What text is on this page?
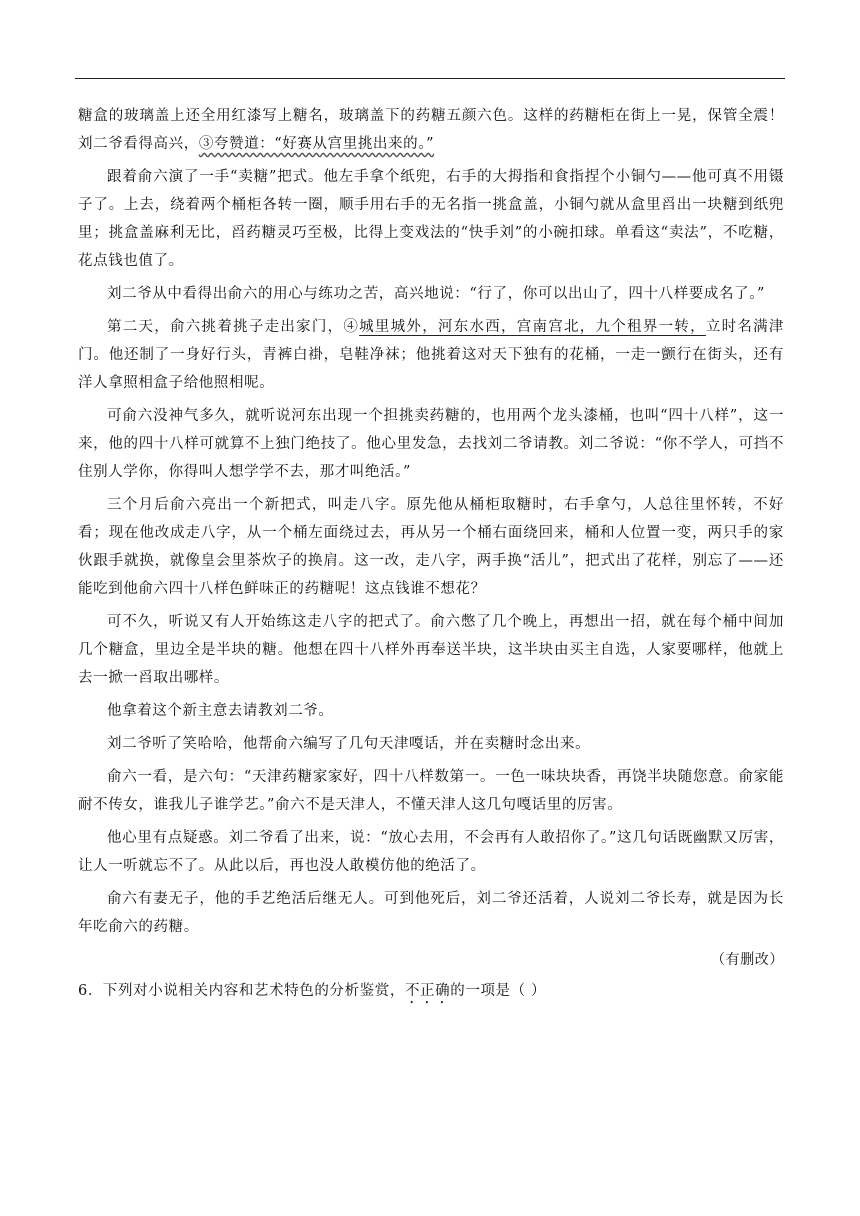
糖盒的玻璃盖上还全用红漆写上糖名，玻璃盖下的药糖五颜六色。这样的药糖柜在街上一晃，保管全震！刘二爷看得高兴，③夸赞道：“好赛从宫里挑出来的。”

跟着俞六演了一手“卖糖”把式。他左手拿个纸兜，右手的大拇指和食指捏个小铜勺——他可真不用镊子了。上去，绕着两个桶柜各转一圈，顺手用右手的无名指一挑盒盖，小铜勺就从盒里舀出一块糖到纸兜里；挑盒盖麻利无比，舀药糖灵巧至极，比得上变戏法的“快手刘”的小碗扣球。单看这“卖法”，不吃糖，花点钱也值了。

刘二爷从中看得出俞六的用心与练功之苦，高兴地说：“行了，你可以出山了，四十八样要成名了。”

第二天，俞六挑着挑子走出家门，④城里城外，河东水西，宫南宫北，九个租界一转，立时名满津门。他还制了一身好行头，青裤白褂，皂鞋净袜；他挑着这对天下独有的花桶，一走一颤行在街头，还有洋人拿照相盒子给他照相呢。

可俞六没神气多久，就听说河东出现一个担挑卖药糖的，也用两个龙头漆桶，也叫“四十八样”，这一来，他的四十八样可就算不上独门绝技了。他心里发急，去找刘二爷请教。刘二爷说：“你不学人，可挡不住别人学你，你得叫人想学学不去，那才叫绝活。”

三个月后俞六亮出一个新把式，叫走八字。原先他从桶柜取糖时，右手拿勺，人总往里怀转，不好看；现在他改成走八字，从一个桶左面绕过去，再从另一个桶右面绕回来，桶和人位置一变，两只手的家伙跟手就换，就像皇会里茶炊子的换肩。这一改，走八字，两手换“活儿”，把式出了花样，别忘了——还能吃到他俞六四十八样色鲜味正的药糖呢！这点钱谁不想花？

可不久，听说又有人开始练这走八字的把式了。俞六憋了几个晚上，再想出一招，就在每个桶中间加几个糖盒，里边全是半块的糖。他想在四十八样外再奉送半块，这半块由买主自选，人家要哪样，他就上去一掀一舀取出哪样。

他拿着这个新主意去请教刘二爷。

刘二爷听了笑哈哈，他帮俞六编写了几句天津嘎话，并在卖糖时念出来。

俞六一看，是六句：“天津药糖家家好，四十八样数第一。一色一味块块香，再饶半块随您意。俞家能耐不传女，谁我儿子谁学艺。”俞六不是天津人，不懂天津人这几句嘎话里的厉害。

他心里有点疑惑。刘二爷看了出来，说：“放心去用，不会再有人敢招你了。”这几句话既幽默又厉害，让人一听就忘不了。从此以后，再也没人敢模仿他的绝活了。

俞六有妻无子，他的手艺绝活后继无人。可到他死后，刘二爷还活着，人说刘二爷长寿，就是因为长年吃俞六的药糖。

（有删改）

6．下列对小说相关内容和艺术特色的分析鉴赏，不正确的一项是（ ）
